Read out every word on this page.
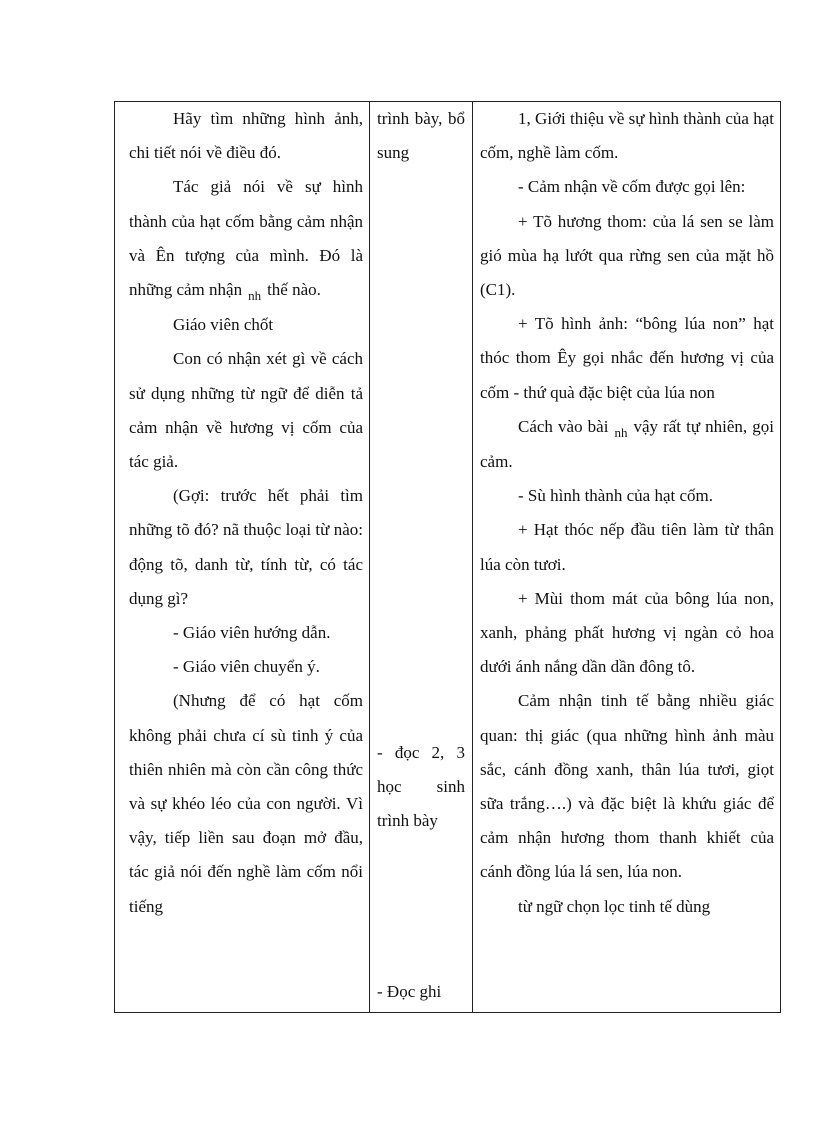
Hãy tìm những hình ảnh, chi tiết nói về điều đó.

Tác giả nói về sự hình thành của hạt cốm bằng cảm nhận và Ên tượng của mình. Đó là những cảm nhận $_{nh}$ thế nào.

Giáo viên chốt

Con có nhận xét gì về cách sử dụng những từ ngữ để diễn tả cảm nhận về hương vị cốm của tác giả.

(Gợi: trước hết phải tìm những tõ đó? nã thuộc loại từ nào: động tõ, danh từ, tính từ, có tác dụng gì?

- Giáo viên hướng dẫn.

- Giáo viên chuyển ý.

(Nhưng để có hạt cốm không phải chưa cí sù tinh ý của thiên nhiên mà còn cần công thức và sự khéo léo của con người. Vì vậy, tiếp liền sau đoạn mở đầu, tác giả nói đến nghề làm cốm nổi tiếng

trình bày, bổ sung
- đọc 2, 3 học sinh trình bày
- Đọc ghi

1, Giới thiệu về sự hình thành của hạt cốm, nghề làm cốm.

- Cảm nhận về cốm được gọi lên:

+ Tõ hương thom: của lá sen se làm gió mùa hạ lướt qua rừng sen của mặt hồ (C1).

+ Tõ hình ảnh: “bông lúa non” hạt thóc thom Êy gọi nhắc đến hương vị của cốm - thứ quà đặc biệt của lúa non

Cách vào bài $_{nh}$ vậy rất tự nhiên, gọi cảm.

- Sù hình thành của hạt cốm.

+ Hạt thóc nếp đầu tiên làm từ thân lúa còn tươi.

+ Mùi thom mát của bông lúa non, xanh, phảng phất hương vị ngàn cỏ hoa dưới ánh nắng dần dần đông tô.

Cảm nhận tinh tế bằng nhiều giác quan: thị giác (qua những hình ảnh màu sắc, cánh đồng xanh, thân lúa tươi, giọt sữa trắng….) và đặc biệt là khứu giác để cảm nhận hương thom thanh khiết của cánh đồng lúa lá sen, lúa non.

từ ngữ chọn lọc tinh tế dùng
